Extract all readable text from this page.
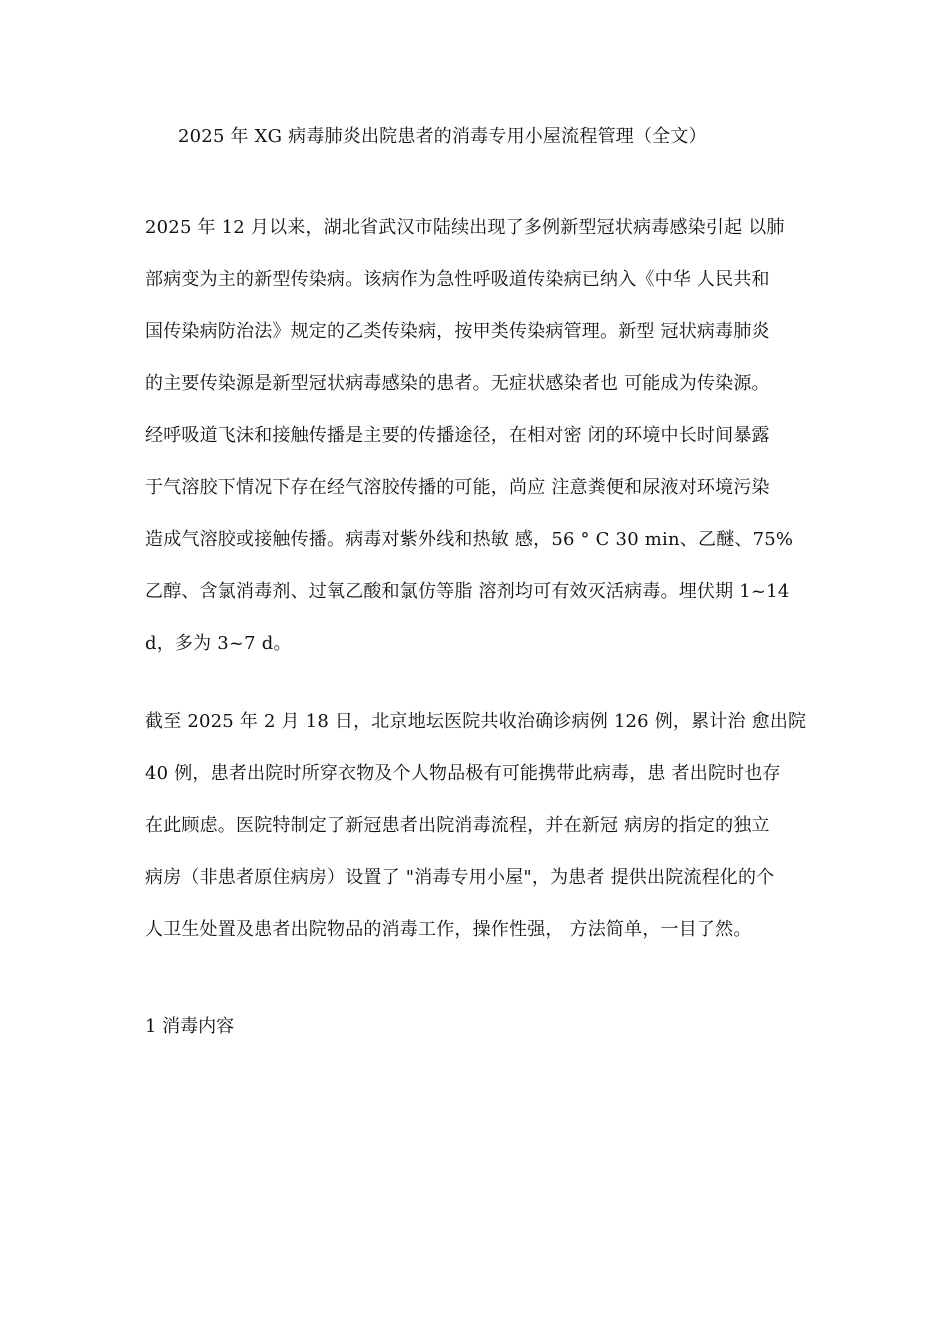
2025 年 XG 病毒肺炎出院患者的消毒专用小屋流程管理（全文）
2025 年 12 月以来，湖北省武汉市陆续出现了多例新型冠状病毒感染引起 以肺
部病变为主的新型传染病。该病作为急性呼吸道传染病已纳入《中华 人民共和
国传染病防治法》规定的乙类传染病，按甲类传染病管理。新型 冠状病毒肺炎
的主要传染源是新型冠状病毒感染的患者。无症状感染者也 可能成为传染源。
经呼吸道飞沫和接触传播是主要的传播途径，在相对密 闭的环境中长时间暴露
于气溶胶下情况下存在经气溶胶传播的可能，尚应 注意粪便和尿液对环境污染
造成气溶胶或接触传播。病毒对紫外线和热敏 感，56 ° C 30 min、乙醚、75%
乙醇、含氯消毒剂、过氧乙酸和氯仿等脂 溶剂均可有效灭活病毒。埋伏期 1~14
d，多为 3~7 d。
截至 2025 年 2 月 18 日，北京地坛医院共收治确诊病例 126 例，累计治 愈出院
40 例，患者出院时所穿衣物及个人物品极有可能携带此病毒，患 者出院时也存
在此顾虑。医院特制定了新冠患者出院消毒流程，并在新冠 病房的指定的独立
病房（非患者原住病房）设置了 "消毒专用小屋"，为患者 提供出院流程化的个
人卫生处置及患者出院物品的消毒工作，操作性强， 方法简单，一目了然。
1 消毒内容
